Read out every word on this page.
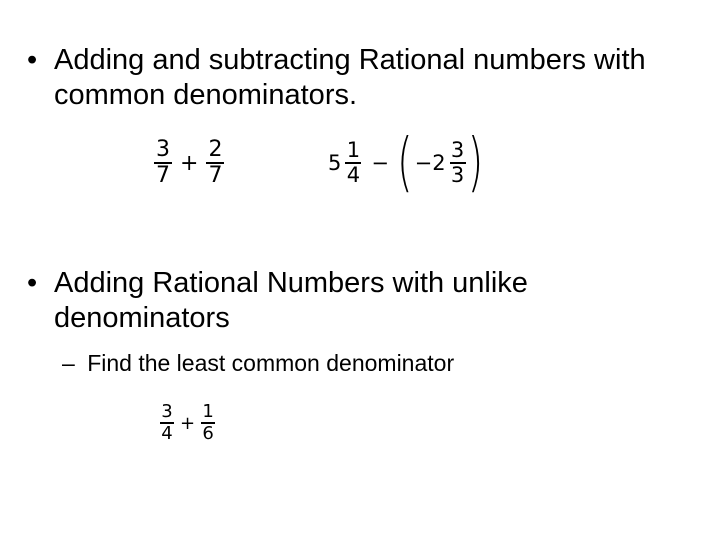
• Adding and subtracting Rational numbers with
common denominators.
$\frac{3}{7} + \frac{2}{7}$	$5 \frac{1}{4}$ − ( $-2 \frac{3}{3}$ )
• Adding Rational Numbers with unlike
denominators
– Find the least common denominator
$\frac{3}{4} + \frac{1}{6}$
